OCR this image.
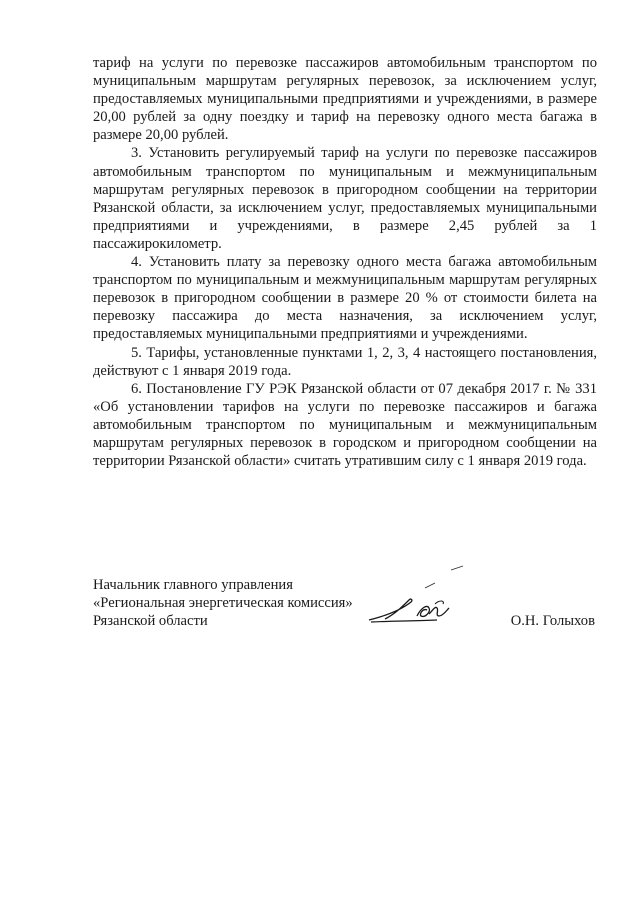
тариф на услуги по перевозке пассажиров автомобильным транспортом по муниципальным маршрутам регулярных перевозок, за исключением услуг, предоставляемых муниципальными предприятиями и учреждениями, в размере 20,00 рублей за одну поездку и тариф на перевозку одного места багажа в размере 20,00 рублей.

3. Установить регулируемый тариф на услуги по перевозке пассажиров автомобильным транспортом по муниципальным и межмуниципальным маршрутам регулярных перевозок в пригородном сообщении на территории Рязанской области, за исключением услуг, предоставляемых муниципальными предприятиями и учреждениями, в размере 2,45 рублей за 1 пассажирокилометр.

4. Установить плату за перевозку одного места багажа автомобильным транспортом по муниципальным и межмуниципальным маршрутам регулярных перевозок в пригородном сообщении в размере 20 % от стоимости билета на перевозку пассажира до места назначения, за исключением услуг, предоставляемых муниципальными предприятиями и учреждениями.

5. Тарифы, установленные пунктами 1, 2, 3, 4 настоящего постановления, действуют с 1 января 2019 года.

6. Постановление ГУ РЭК Рязанской области от 07 декабря 2017 г. № 331 «Об установлении тарифов на услуги по перевозке пассажиров и багажа автомобильным транспортом по муниципальным и межмуниципальным маршрутам регулярных перевозок в городском и пригородном сообщении на территории Рязанской области» считать утратившим силу с 1 января 2019 года.

Начальник главного управления
«Региональная энергетическая комиссия»
Рязанской области	О.Н. Голыхов
